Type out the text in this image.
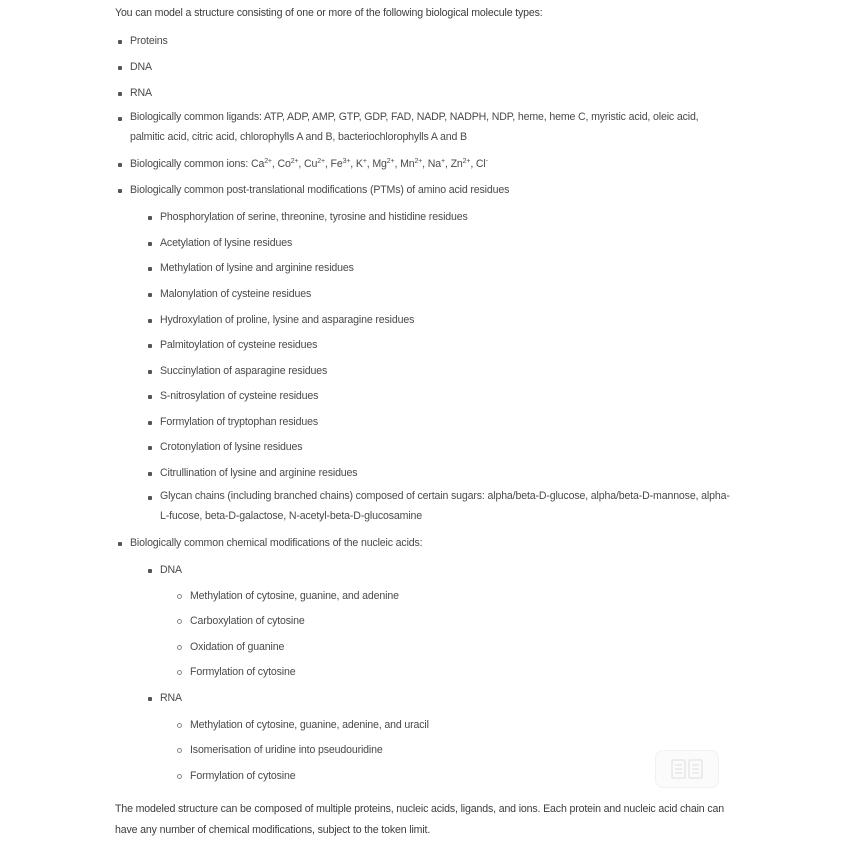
You can model a structure consisting of one or more of the following biological molecule types:
Proteins
DNA
RNA
Biologically common ligands: ATP, ADP, AMP, GTP, GDP, FAD, NADP, NADPH, NDP, heme, heme C, myristic acid, oleic acid, palmitic acid, citric acid, chlorophylls A and B, bacteriochlorophylls A and B
Biologically common ions: $Ca^{2+}$, $Co^{2+}$, $Cu^{2+}$, $Fe^{3+}$, K+, $Mg^{2+}$, $Mn^{2+}$, Na+, $Zn^{2+}$, Cl-
Biologically common post-translational modifications (PTMs) of amino acid residues
Phosphorylation of serine, threonine, tyrosine and histidine residues
Acetylation of lysine residues
Methylation of lysine and arginine residues
Malonylation of cysteine residues
Hydroxylation of proline, lysine and asparagine residues
Palmitoylation of cysteine residues
Succinylation of asparagine residues
S-nitrosylation of cysteine residues
Formylation of tryptophan residues
Crotonylation of lysine residues
Citrullination of lysine and arginine residues
Glycan chains (including branched chains) composed of certain sugars: alpha/beta-D-glucose, alpha/beta-D-mannose, alpha-L-fucose, beta-D-galactose, N-acetyl-beta-D-glucosamine
Biologically common chemical modifications of the nucleic acids:
DNA
Methylation of cytosine, guanine, and adenine
Carboxylation of cytosine
Oxidation of guanine
Formylation of cytosine
RNA
Methylation of cytosine, guanine, adenine, and uracil
Isomerisation of uridine into pseudouridine
Formylation of cytosine
The modeled structure can be composed of multiple proteins, nucleic acids, ligands, and ions. Each protein and nucleic acid chain can have any number of chemical modifications, subject to the token limit.
